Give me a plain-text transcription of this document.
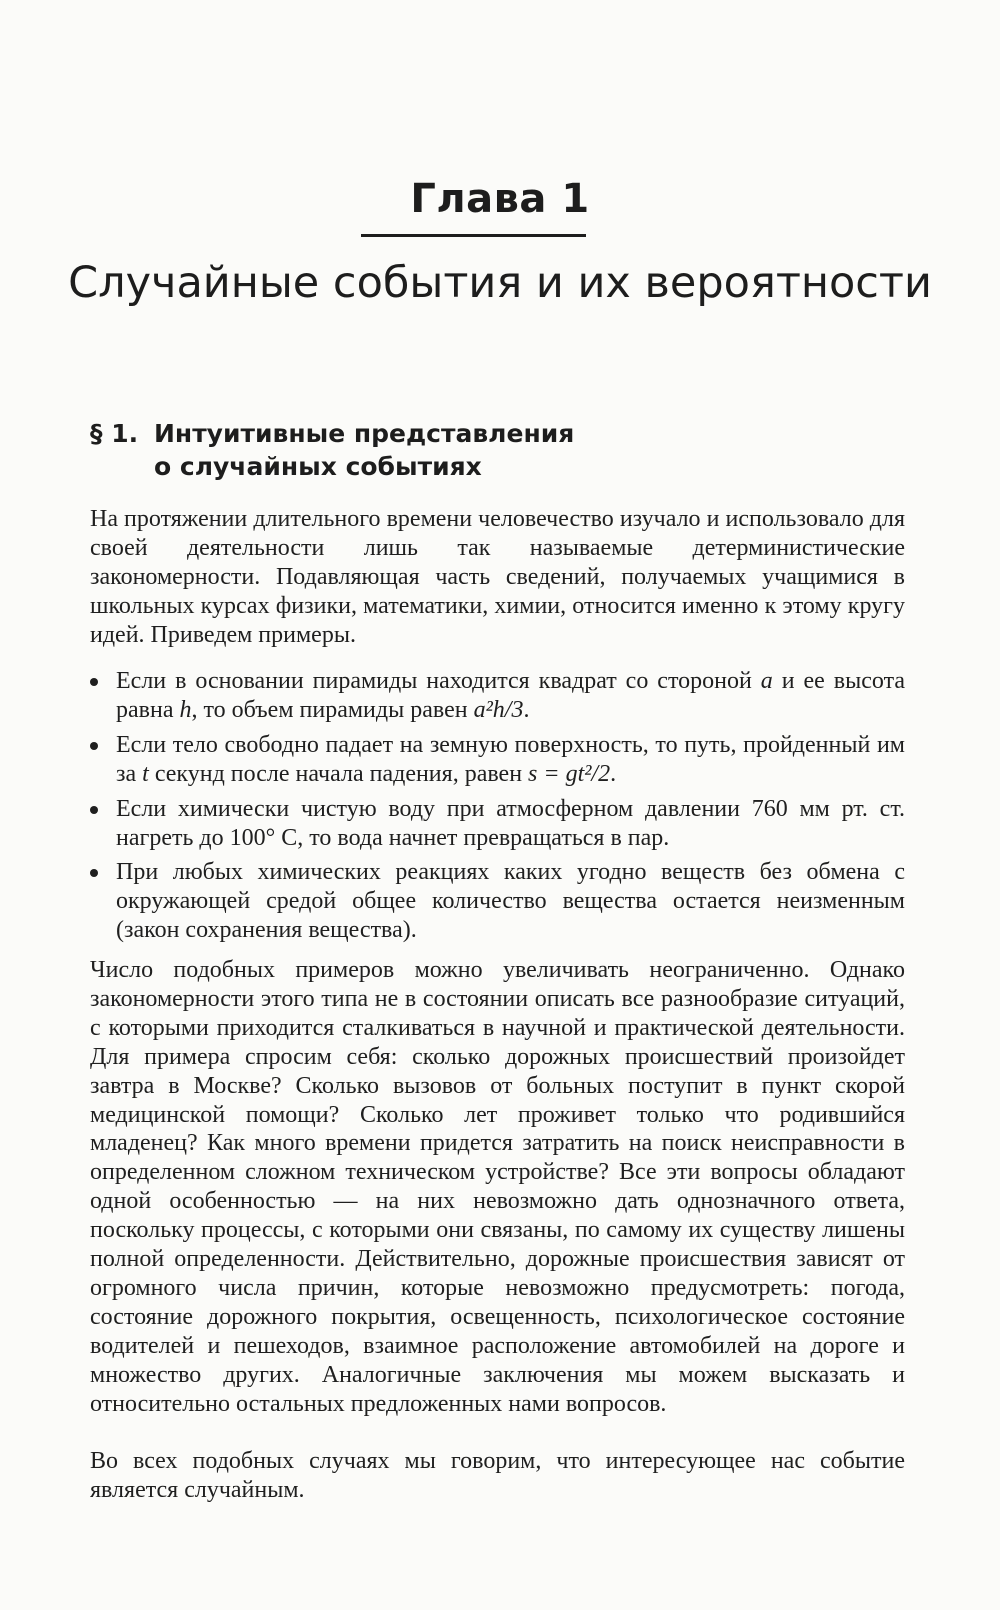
Глава 1
Случайные события и их вероятности
§ 1. Интуитивные представления
о случайных событиях

На протяжении длительного времени человечество изучало и использовало для своей деятельности лишь так называемые детерминистические закономерности. Подавляющая часть сведений, получаемых учащимися в школьных курсах физики, математики, химии, относится именно к этому кругу идей. Приведем примеры.

Если в основании пирамиды находится квадрат со стороной a и ее высота равна h, то объем пирамиды равен a²h/3.
Если тело свободно падает на земную поверхность, то путь, пройденный им за t секунд после начала падения, равен s = gt²/2.
Если химически чистую воду при атмосферном давлении 760 мм рт. ст. нагреть до 100° С, то вода начнет превращаться в пар.
При любых химических реакциях каких угодно веществ без обмена с окружающей средой общее количество вещества остается неизменным (закон сохранения вещества).

Число подобных примеров можно увеличивать неограниченно. Однако закономерности этого типа не в состоянии описать все разнообразие ситуаций, с которыми приходится сталкиваться в научной и практической деятельности. Для примера спросим себя: сколько дорожных происшествий произойдет завтра в Москве? Сколько вызовов от больных поступит в пункт скорой медицинской помощи? Сколько лет проживет только что родившийся младенец? Как много времени придется затратить на поиск неисправности в определенном сложном техническом устройстве? Все эти вопросы обладают одной особенностью — на них невозможно дать однозначного ответа, поскольку процессы, с которыми они связаны, по самому их существу лишены полной определенности. Действительно, дорожные происшествия зависят от огромного числа причин, которые невозможно предусмотреть: погода, состояние дорожного покрытия, освещенность, психологическое состояние водителей и пешеходов, взаимное расположение автомобилей на дороге и множество других. Аналогичные заключения мы можем высказать и относительно остальных предложенных нами вопросов.

Во всех подобных случаях мы говорим, что интересующее нас событие является случайным.
